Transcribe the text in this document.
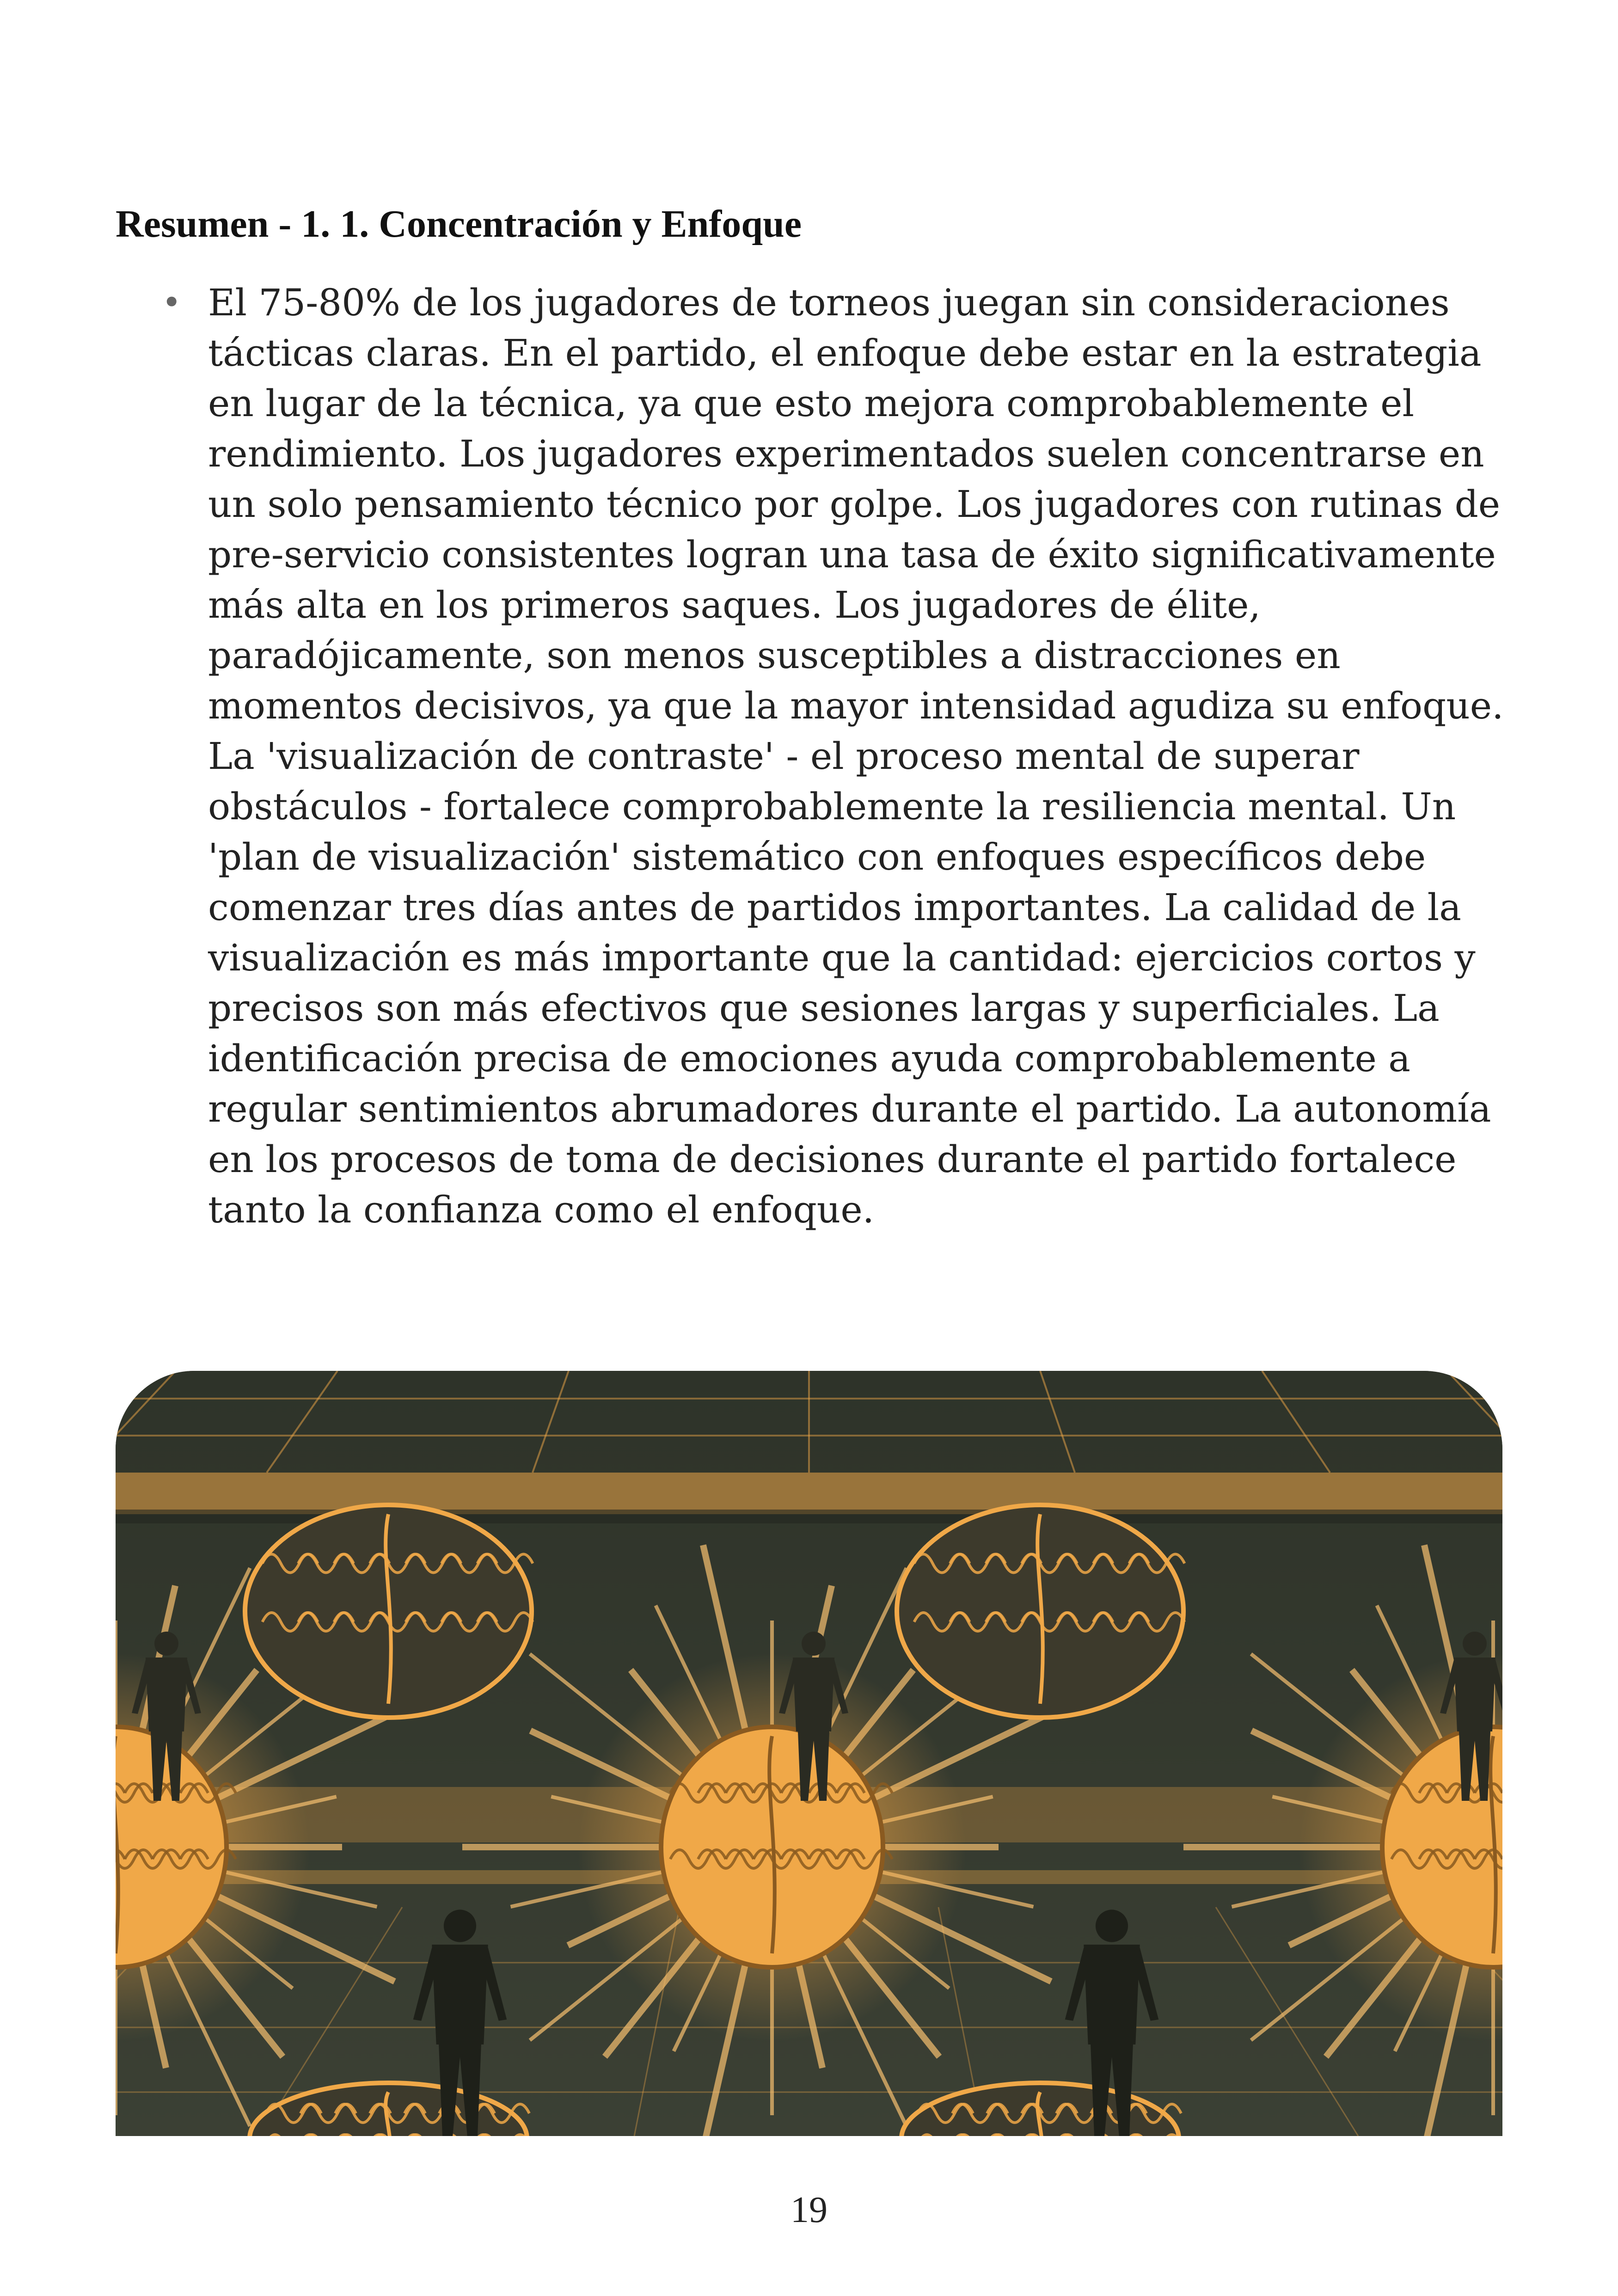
Resumen - 1. 1. Concentración y Enfoque
• El 75-80% de los jugadores de torneos juegan sin consideraciones tácticas claras. En el partido, el enfoque debe estar en la estrategia en lugar de la técnica, ya que esto mejora comprobablemente el rendimiento. Los jugadores experimentados suelen concentrarse en un solo pensamiento técnico por golpe. Los jugadores con rutinas de pre-servicio consistentes logran una tasa de éxito significativamente más alta en los primeros saques. Los jugadores de élite, paradójicamente, son menos susceptibles a distracciones en momentos decisivos, ya que la mayor intensidad agudiza su enfoque. La 'visualización de contraste' - el proceso mental de superar obstáculos - fortalece comprobablemente la resiliencia mental. Un 'plan de visualización' sistemático con enfoques específicos debe comenzar tres días antes de partidos importantes. La calidad de la visualización es más importante que la cantidad: ejercicios cortos y precisos son más efectivos que sesiones largas y superficiales. La identificación precisa de emociones ayuda comprobablemente a regular sentimientos abrumadores durante el partido. La autonomía en los procesos de toma de decisiones durante el partido fortalece tanto la confianza como el enfoque.
19
